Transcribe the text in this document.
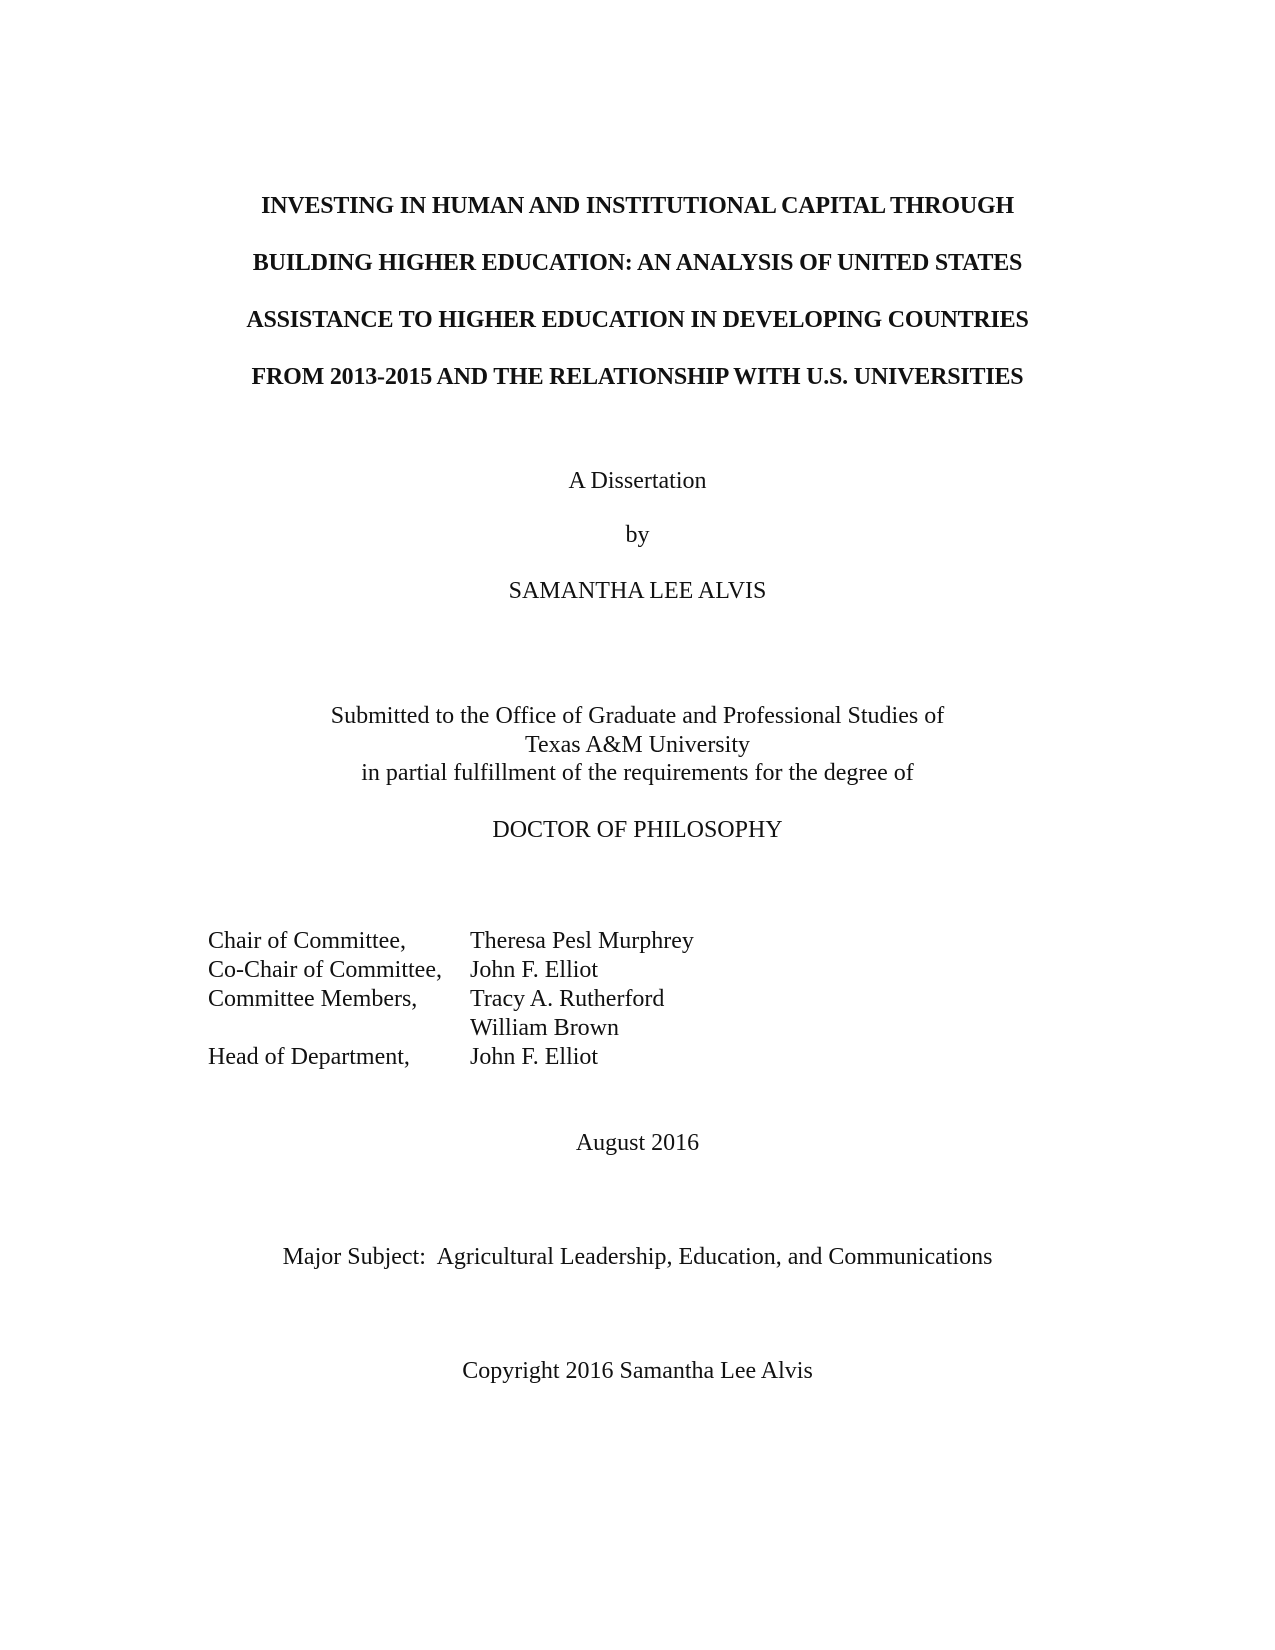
INVESTING IN HUMAN AND INSTITUTIONAL CAPITAL THROUGH
BUILDING HIGHER EDUCATION: AN ANALYSIS OF UNITED STATES
ASSISTANCE TO HIGHER EDUCATION IN DEVELOPING COUNTRIES
FROM 2013-2015 AND THE RELATIONSHIP WITH U.S. UNIVERSITIES
A Dissertation
by
SAMANTHA LEE ALVIS
Submitted to the Office of Graduate and Professional Studies of
Texas A&M University
in partial fulfillment of the requirements for the degree of
DOCTOR OF PHILOSOPHY
Chair of Committee,	Theresa Pesl Murphrey
Co-Chair of Committee,	John F. Elliot
Committee Members,	Tracy A. Rutherford
William Brown
Head of Department,	John F. Elliot
August 2016
Major Subject:  Agricultural Leadership, Education, and Communications
Copyright 2016 Samantha Lee Alvis
